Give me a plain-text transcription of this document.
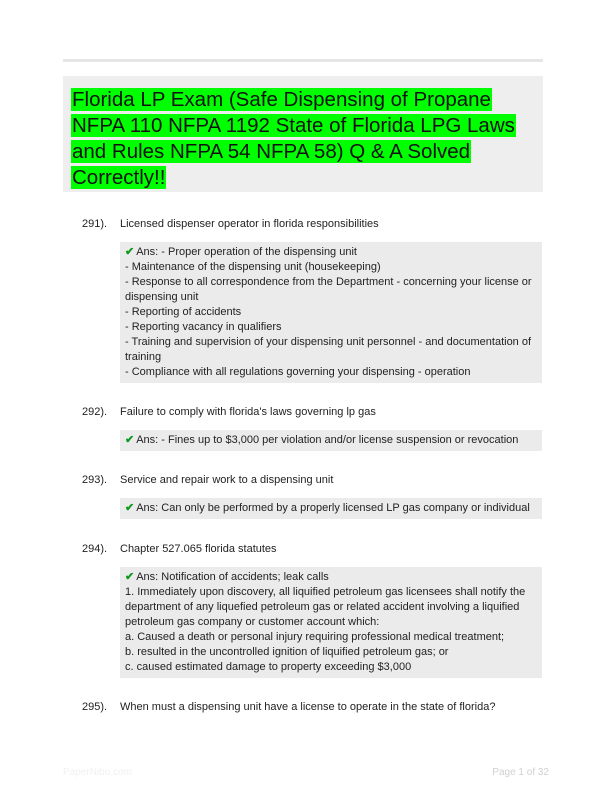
Florida LP Exam (Safe Dispensing of Propane NFPA 110 NFPA 1192 State of Florida LPG Laws and Rules NFPA 54 NFPA 58) Q & A Solved Correctly!!
291).	Licensed dispenser operator in florida responsibilities
✔ Ans: - Proper operation of the dispensing unit
- Maintenance of the dispensing unit (housekeeping)
- Response to all correspondence from the Department - concerning your license or dispensing unit
- Reporting of accidents
- Reporting vacancy in qualifiers
- Training and supervision of your dispensing unit personnel - and documentation of training
- Compliance with all regulations governing your dispensing - operation
292).	Failure to comply with florida's laws governing lp gas
✔ Ans: - Fines up to $3,000 per violation and/or license suspension or revocation
293).	Service and repair work to a dispensing unit
✔ Ans: Can only be performed by a properly licensed LP gas company or individual
294).	Chapter 527.065 florida statutes
✔ Ans: Notification of accidents; leak calls
1. Immediately upon discovery, all liquified petroleum gas licensees shall notify the department of any liquefied petroleum gas or related accident involving a liquified petroleum gas company or customer account which:
a. Caused a death or personal injury requiring professional medical treatment;
b. resulted in the uncontrolled ignition of liquified petroleum gas; or
c. caused estimated damage to property exceeding $3,000
295).	When must a dispensing unit have a license to operate in the state of florida?
PaperNibo.com	Page 1 of 32
